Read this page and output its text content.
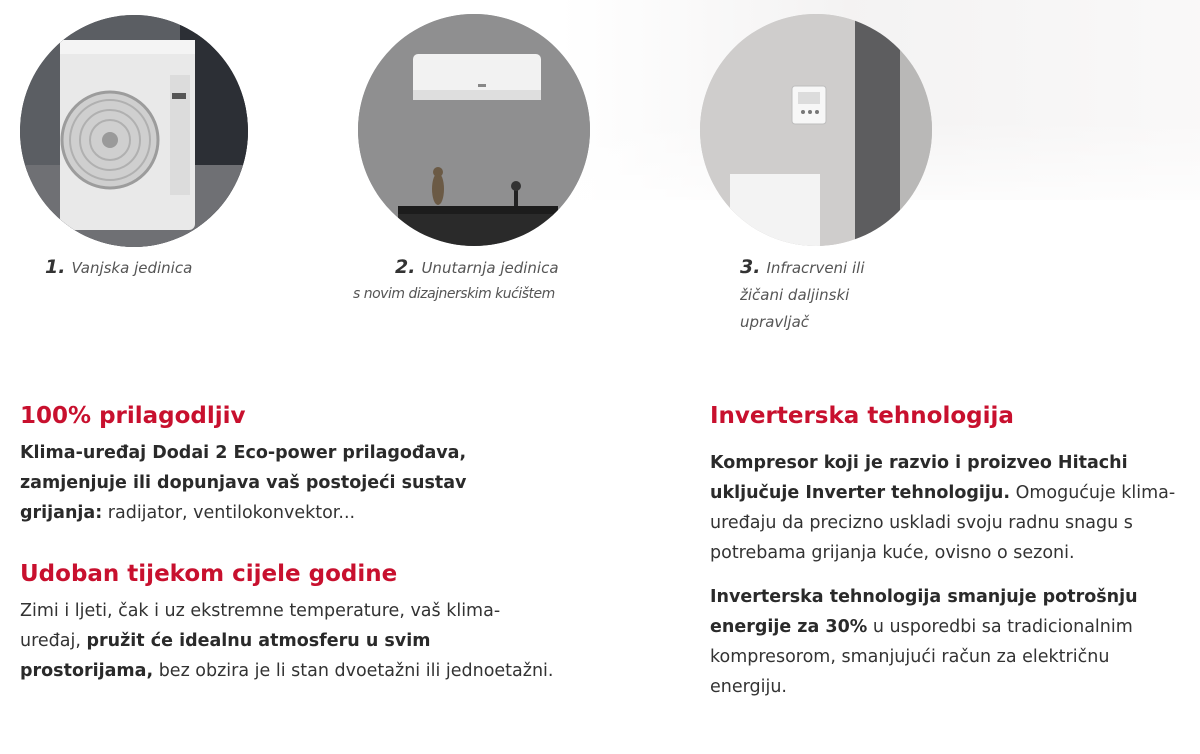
1. Vanjska jedinica	2. Unutarnja jedinica
s novim dizajnerskim kućištem
3. Infracrveni ili
žičani daljinski
upravljač
100% prilagodljiv

Klima-uređaj Dodai 2 Eco-power prilagođava, zamjenjuje ili dopunjava vaš postojeći sustav grijanja: radijator, ventilokonvektor...

Udoban tijekom cijele godine

Zimi i ljeti, čak i uz ekstremne temperature, vaš klima-uređaj, pružit će idealnu atmosferu u svim prostorijama, bez obzira je li stan dvoetažni ili jednoetažni.

Inverterska tehnologija

Kompresor koji je razvio i proizveo Hitachi uključuje Inverter tehnologiju. Omogućuje klima-uređaju da precizno uskladi svoju radnu snagu s potrebama grijanja kuće, ovisno o sezoni.

Inverterska tehnologija smanjuje potrošnju energije za 30% u usporedbi sa tradicionalnim kompresorom, smanjujući račun za električnu energiju.
